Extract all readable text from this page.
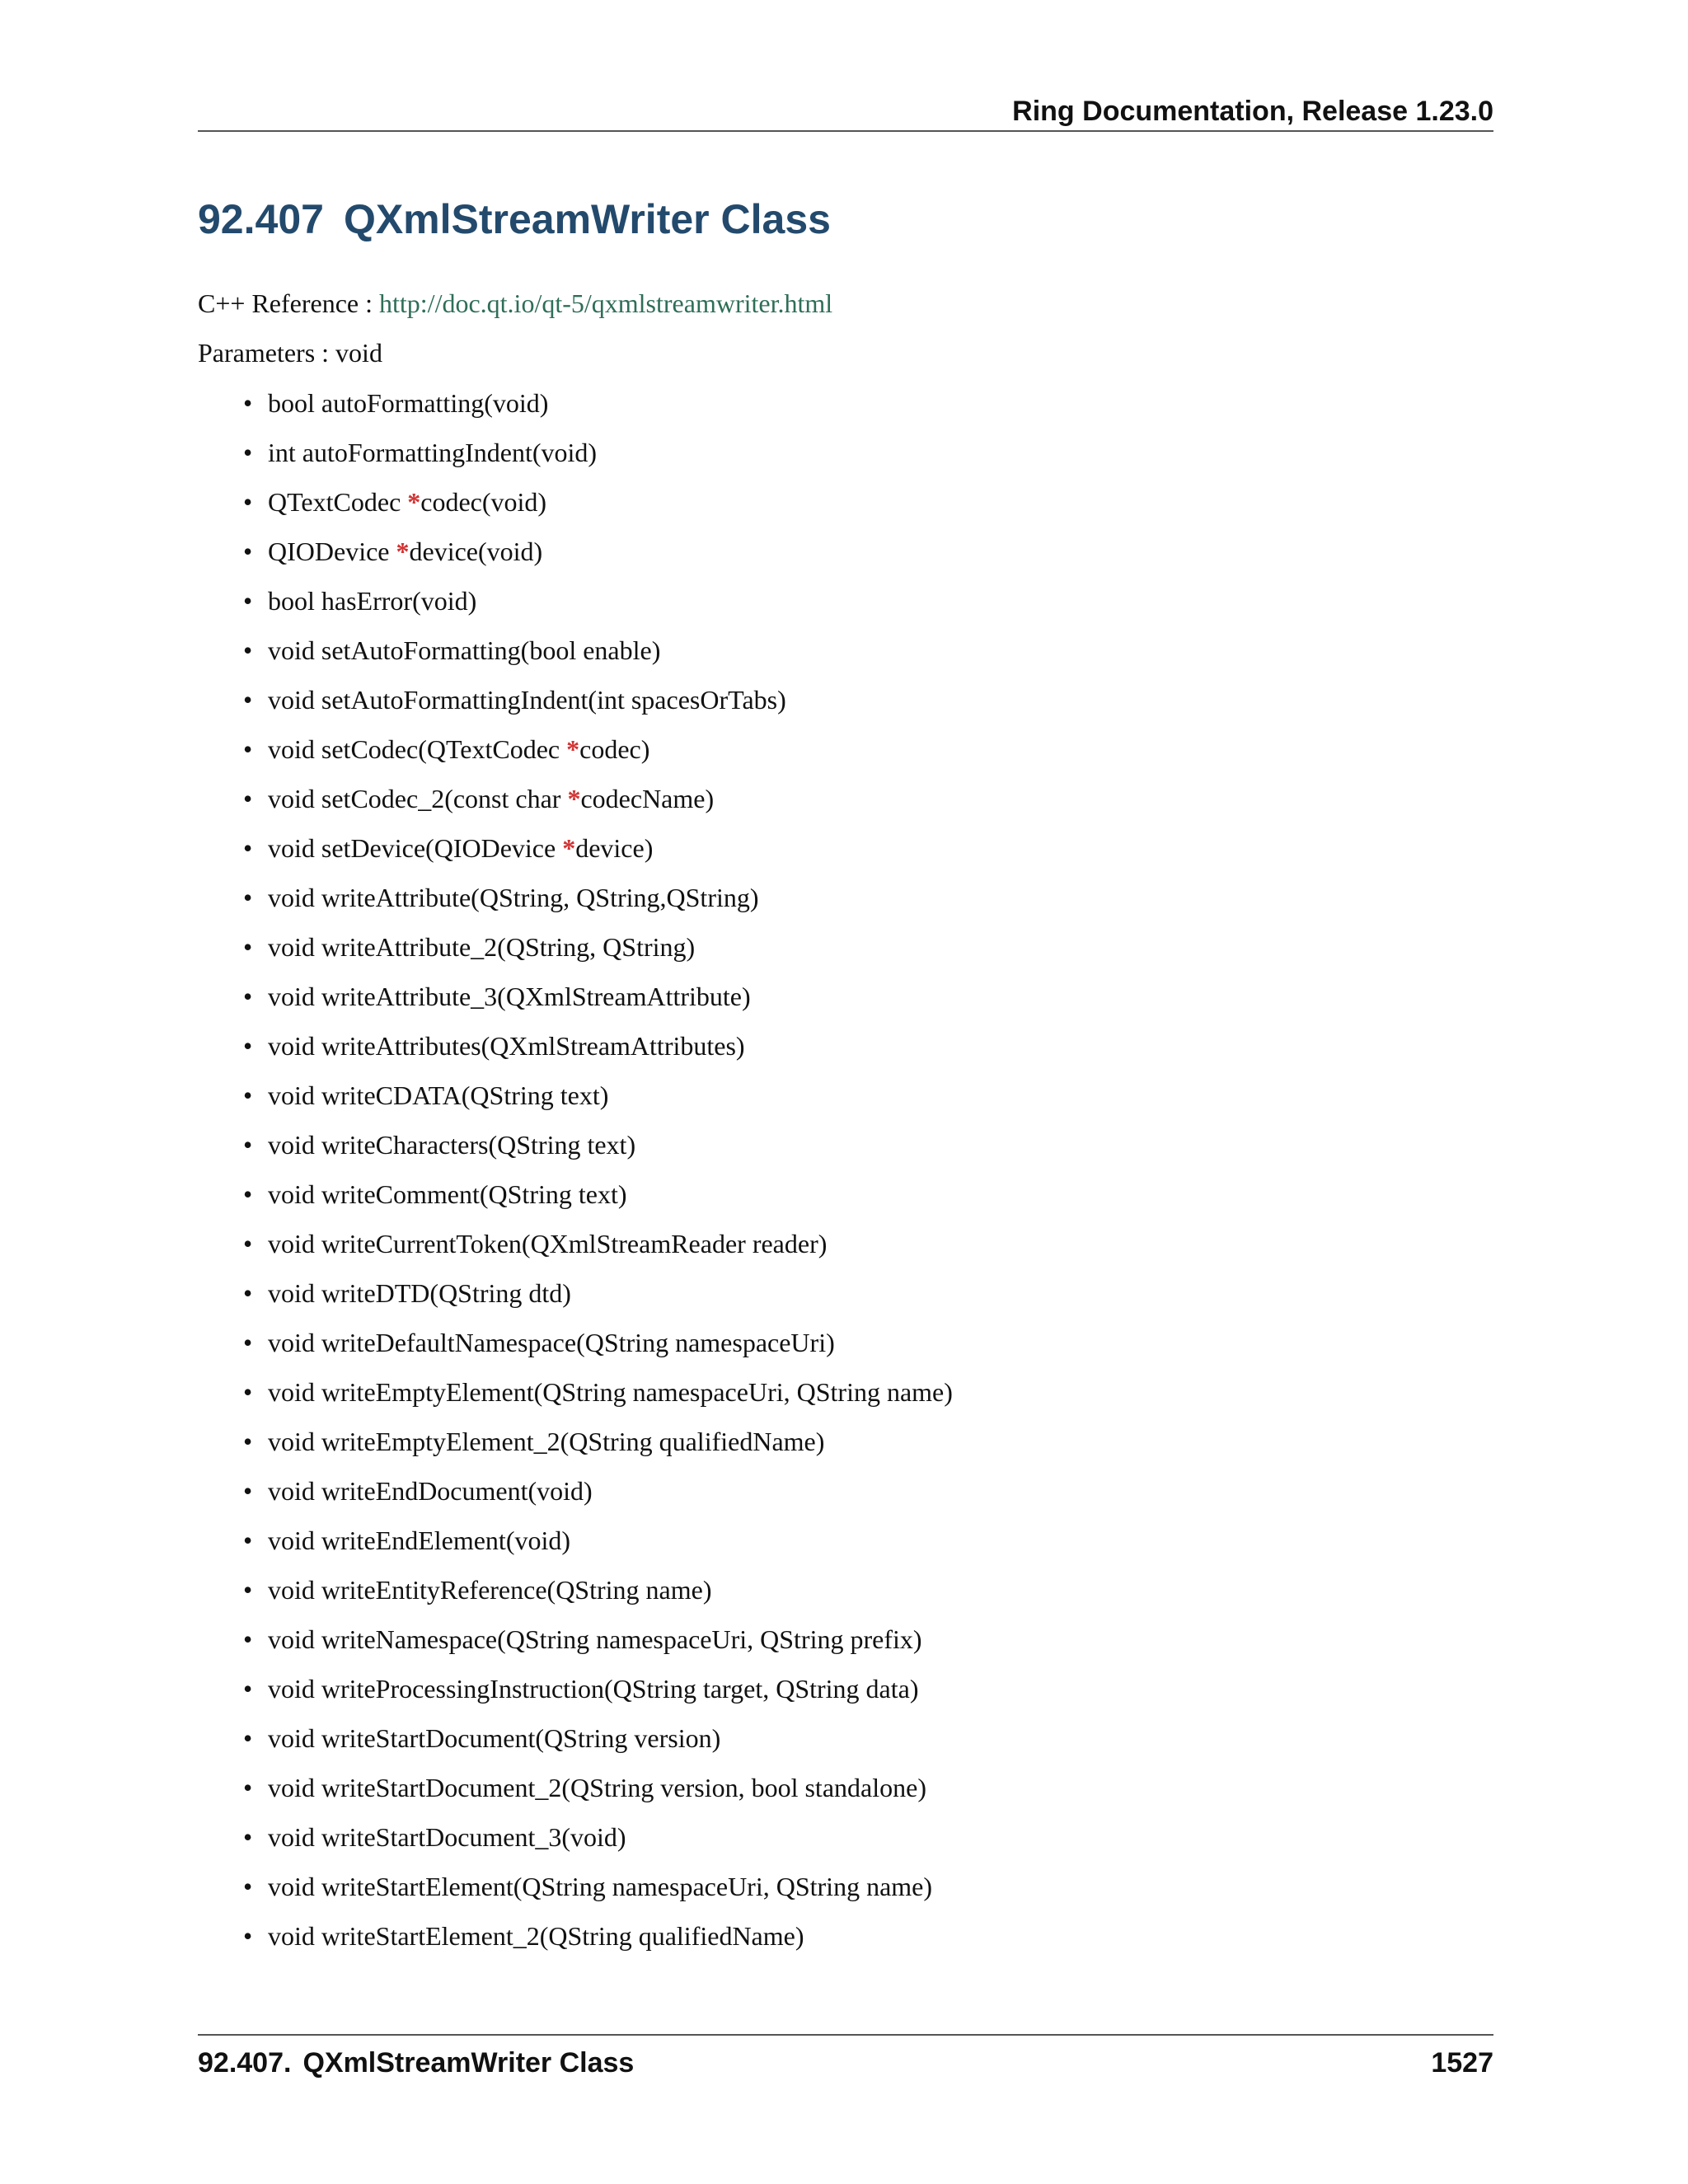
Ring Documentation, Release 1.23.0
92.407 QXmlStreamWriter Class
C++ Reference : http://doc.qt.io/qt-5/qxmlstreamwriter.html
Parameters : void
• bool autoFormatting(void)
• int autoFormattingIndent(void)
• QTextCodec *codec(void)
• QIODevice *device(void)
• bool hasError(void)
• void setAutoFormatting(bool enable)
• void setAutoFormattingIndent(int spacesOrTabs)
• void setCodec(QTextCodec *codec)
• void setCodec_2(const char *codecName)
• void setDevice(QIODevice *device)
• void writeAttribute(QString, QString,QString)
• void writeAttribute_2(QString, QString)
• void writeAttribute_3(QXmlStreamAttribute)
• void writeAttributes(QXmlStreamAttributes)
• void writeCDATA(QString text)
• void writeCharacters(QString text)
• void writeComment(QString text)
• void writeCurrentToken(QXmlStreamReader reader)
• void writeDTD(QString dtd)
• void writeDefaultNamespace(QString namespaceUri)
• void writeEmptyElement(QString namespaceUri, QString name)
• void writeEmptyElement_2(QString qualifiedName)
• void writeEndDocument(void)
• void writeEndElement(void)
• void writeEntityReference(QString name)
• void writeNamespace(QString namespaceUri, QString prefix)
• void writeProcessingInstruction(QString target, QString data)
• void writeStartDocument(QString version)
• void writeStartDocument_2(QString version, bool standalone)
• void writeStartDocument_3(void)
• void writeStartElement(QString namespaceUri, QString name)
• void writeStartElement_2(QString qualifiedName)
92.407. QXmlStreamWriter Class	1527
